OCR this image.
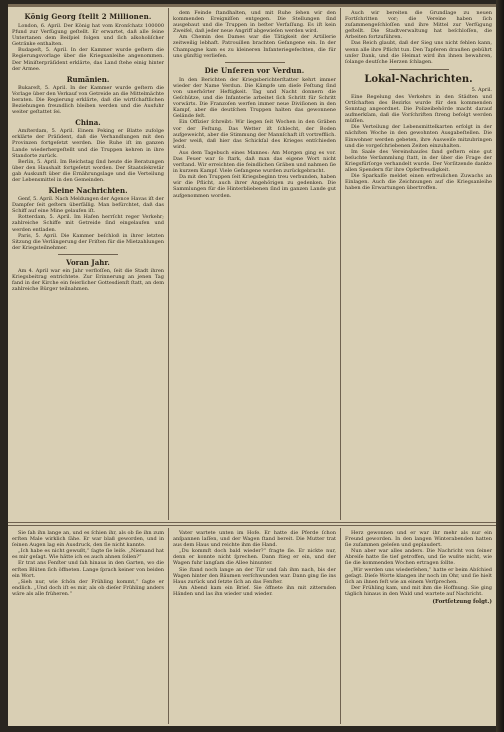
König Georg ſtellt 2 Millionen.

London, 6. April. Der König hat vom Kronſchatz 100000 Pfund zur Verfügung geſtellt. Er erwartet, daß alle ſeine Untertanen dem Beiſpiel folgen und ſich alkoholiſcher Getränke enthalten.

Budapeſt, 5. April. In der Kammer wurde geſtern die Regierungsvorlage über die Kriegsanleihe angenommen. Der Miniſterpräſident erklärte, das Land ſtehe einig hinter der Armee.

Rumänien.

Bukareſt, 5. April. In der Kammer wurde geſtern die Vorlage über den Verkauf von Getreide an die Mittelmächte beraten. Die Regierung erklärte, daß die wirtſchaftlichen Beziehungen freundlich bleiben werden und die Ausfuhr weiter geſtattet ſei.

China.

Amſterdam, 5. April. Einem Peking er Blatte zufolge erklärte der Präſident, daß die Verhandlungen mit den Provinzen fortgeſetzt werden. Die Ruhe iſt im ganzen Lande wiederhergeſtellt und die Truppen kehren in ihre Standorte zurück.

Berlin, 5. April. Im Reichstag ſind heute die Beratungen über den Haushalt fortgeſetzt worden. Der Staatsſekretär gab Auskunft über die Ernährungslage und die Verteilung der Lebensmittel in den Gemeinden.

Kleine Nachrichten.

Genf, 5. April. Nach Meldungen der Agence Havas iſt der Dampfer ſeit geſtern überfällig. Man befürchtet, daß das Schiff auf eine Mine gelaufen iſt.

Rotterdam, 5. April. Im Hafen herrſcht reger Verkehr; zahlreiche Schiffe mit Getreide ſind eingelaufen und werden entladen.

Paris, 5. April. Die Kammer beſchloß in ihrer letzten Sitzung die Verlängerung der Friſten für die Mietzahlungen der Kriegsteilnehmer.

Voran Jahr.

Am 4. April war ein Jahr verfloſſen, ſeit die Stadt ihren Kriegsbeitrag entrichtete. Zur Erinnerung an jenen Tag fand in der Kirche ein feierlicher Gottesdienſt ſtatt, an dem zahlreiche Bürger teilnahmen.

dem Feinde ſtandhalten, und mit Ruhe ſehen wir den kommenden Ereigniſſen entgegen. Die Stellungen ſind ausgebaut und die Truppen in beſter Verfaſſung. Es iſt kein Zweifel, daß jeder neue Angriff abgewieſen werden wird.

Am Chemin des Dames war die Tätigkeit der Artillerie zeitweilig lebhaft. Patrouillen brachten Gefangene ein. In der Champagne kam es zu kleineren Infanteriegefechten, die für uns günſtig verliefen.

Die Unſeren vor Verdun.

In den Berichten der Kriegsberichterſtatter kehrt immer wieder der Name Verdun. Die Kämpfe um dieſe Feſtung ſind von unerhörter Heftigkeit. Tag und Nacht donnern die Geſchütze, und die Infanterie arbeitet ſich Schritt für Schritt vorwärts. Die Franzoſen werfen immer neue Diviſionen in den Kampf, aber die deutſchen Truppen halten das gewonnene Gelände feſt.

Ein Offizier ſchreibt: Wir liegen ſeit Wochen in den Gräben vor der Feſtung. Das Wetter iſt ſchlecht, der Boden aufgeweicht, aber die Stimmung der Mannſchaft iſt vortrefflich. Jeder weiß, daß hier das Schickſal des Krieges entſchieden wird.

Aus dem Tagebuch eines Mannes: Am Morgen ging es vor. Das Feuer war ſo ſtark, daß man das eigene Wort nicht verſtand. Wir erreichten die feindlichen Gräben und nahmen ſie in kurzem Kampf. Viele Gefangene wurden zurückgebracht.

Da mit den Truppen ſeit Kriegsbeginn treu verbunden, haben wir die Pflicht, auch ihrer Angehörigen zu gedenken. Die Sammlungen für die Hinterbliebenen ſind im ganzen Lande gut aufgenommen worden.

Auch wir bereiten die Grundlage zu neuen Fortſchritten vor; die Vereine haben ſich zuſammengeſchloſſen und ihre Mittel zur Verfügung geſtellt. Die Stadtverwaltung hat beſchloſſen, die Arbeiten fortzuführen.

Das Reich glaubt, daß der Sieg uns nicht fehlen kann, wenn alle ihre Pflicht tun. Den Tapferen draußen gebührt unſer Dank, und die Heimat wird ihn ihnen bewahren, ſolange deutſche Herzen ſchlagen.

Lokal-Nachrichten.
5. April.

Eine Regelung des Verkehrs in den Städten und Ortſchaften des Bezirks wurde für den kommenden Sonntag angeordnet. Die Polizeibehörde macht darauf aufmerkſam, daß die Vorſchriften ſtreng befolgt werden müſſen.

Die Verteilung der Lebensmittelkarten erfolgt in der nächſten Woche in den gewohnten Ausgabeſtellen. Die Einwohner werden gebeten, ihre Ausweiſe mitzubringen und die vorgeſchriebenen Zeiten einzuhalten.

Im Saale des Vereinshauſes fand geſtern eine gut beſuchte Verſammlung ſtatt, in der über die Frage der Kriegsfürſorge verhandelt wurde. Der Vorſitzende dankte allen Spendern für ihre Opferfreudigkeit.

Die Sparkaſſe meldet einen erfreulichen Zuwachs an Einlagen. Auch die Zeichnungen auf die Kriegsanleihe haben die Erwartungen übertroffen.

Sie ſah ihn lange an, und es ſchien ihr, als ob ſie ihn zum erſten Male wirklich ſähe. Er war blaß geworden, und in ſeinen Augen lag ein Ausdruck, den ſie nicht kannte.

„Ich habe es nicht gewußt,“ ſagte ſie leiſe. „Niemand hat es mir geſagt. Wie hätte ich es auch ahnen ſollen?“

Er trat ans Fenſter und ſah hinaus in den Garten, wo die erſten Blüten ſich öffneten. Lange ſprach keiner von beiden ein Wort.

„Sieh nur, wie ſchön der Frühling kommt,“ ſagte er endlich. „Und doch iſt es mir, als ob dieſer Frühling anders wäre als alle früheren.“

Vater wartete unten im Hofe. Er hatte die Pferde ſchon anſpannen laſſen, und der Wagen ſtand bereit. Die Mutter trat aus dem Haus und reichte ihm die Hand.

„Du kommſt doch bald wieder?“ fragte ſie. Er nickte nur, denn er konnte nicht ſprechen. Dann ſtieg er ein, und der Wagen fuhr langſam die Allee hinunter.

Sie ſtand noch lange an der Tür und ſah ihm nach, bis der Wagen hinter den Bäumen verſchwunden war. Dann ging ſie ins Haus zurück und ſetzte ſich an das Fenſter.

Am Abend kam ein Brief. Sie öffnete ihn mit zitternden Händen und las ihn wieder und wieder.

Herz gewonnen und er war ihr mehr als nur ein Freund geworden. In den langen Winterabenden hatten ſie zuſammen geleſen und geplaudert.

Nun aber war alles anders. Die Nachricht von ſeiner Abreiſe hatte ſie tief getroffen, und ſie wußte nicht, wie ſie die kommenden Wochen ertragen ſollte.

„Wir werden uns wiederſehen,“ hatte er beim Abſchied geſagt. Dieſe Worte klangen ihr noch im Ohr, und ſie hielt ſich an ihnen feſt wie an einem Verſprechen.

Der Frühling kam, und mit ihm die Hoffnung. Sie ging täglich hinaus in den Wald und wartete auf Nachricht.

(Fortſetzung folgt.)
